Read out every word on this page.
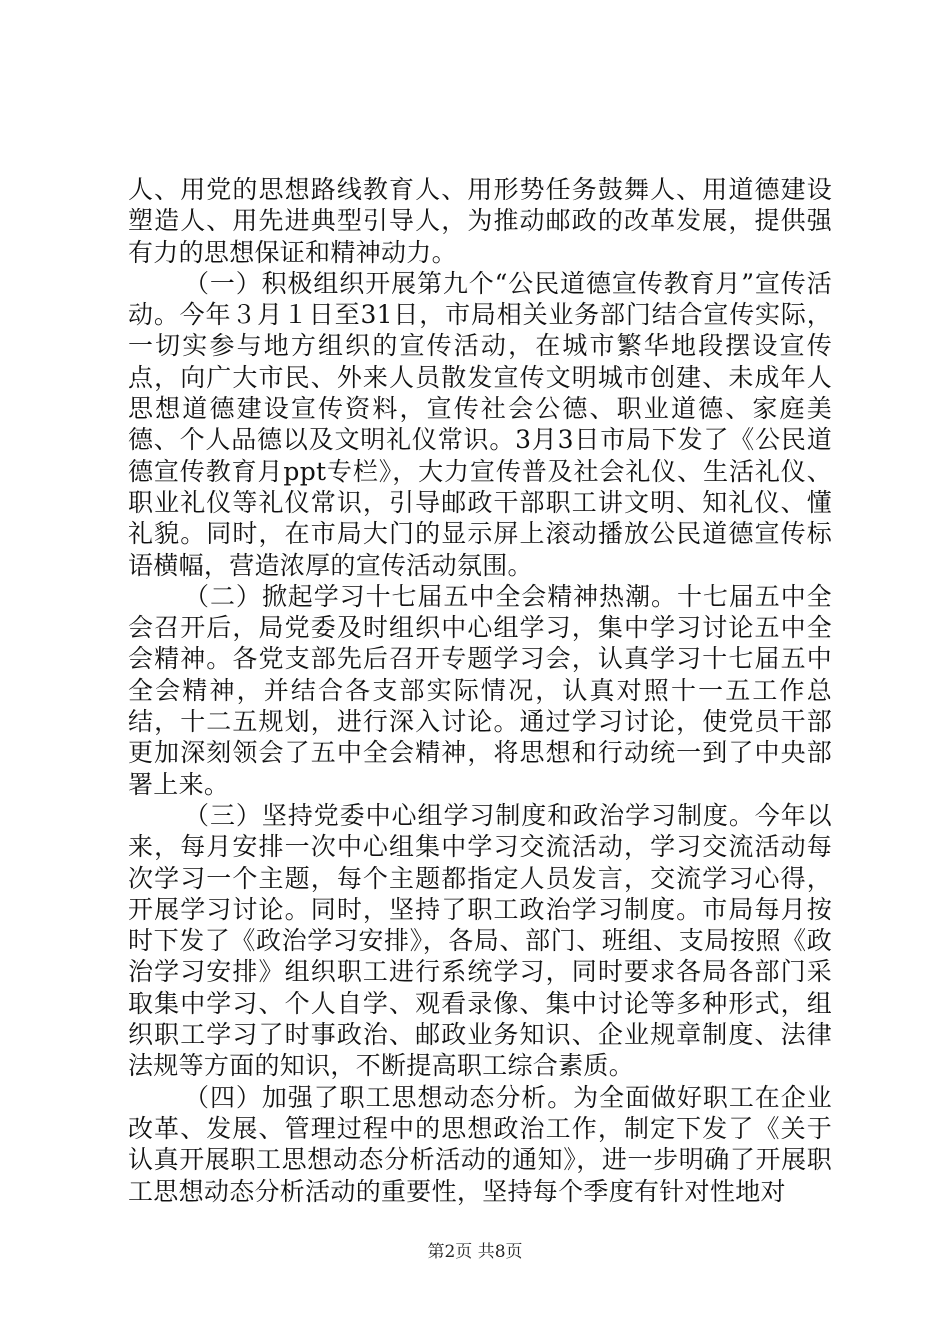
人、用党的思想路线教育人、用形势任务鼓舞人、用道德建设塑造人、用先进典型引导人，为推动邮政的改革发展，提供强有力的思想保证和精神动力。

（一）积极组织开展第九个“公民道德宣传教育月”宣传活动。今年３月１日至31日，市局相关业务部门结合宣传实际，一切实参与地方组织的宣传活动，在城市繁华地段摆设宣传点，向广大市民、外来人员散发宣传文明城市创建、未成年人思想道德建设宣传资料，宣传社会公德、职业道德、家庭美德、个人品德以及文明礼仪常识。3月3日市局下发了《公民道德宣传教育月ppt专栏》，大力宣传普及社会礼仪、生活礼仪、职业礼仪等礼仪常识，引导邮政干部职工讲文明、知礼仪、懂礼貌。同时，在市局大门的显示屏上滚动播放公民道德宣传标语横幅，营造浓厚的宣传活动氛围。

（二）掀起学习十七届五中全会精神热潮。十七届五中全会召开后，局党委及时组织中心组学习，集中学习讨论五中全会精神。各党支部先后召开专题学习会，认真学习十七届五中全会精神，并结合各支部实际情况，认真对照十一五工作总结，十二五规划，进行深入讨论。通过学习讨论，使党员干部更加深刻领会了五中全会精神，将思想和行动统一到了中央部署上来。

（三）坚持党委中心组学习制度和政治学习制度。今年以来，每月安排一次中心组集中学习交流活动，学习交流活动每次学习一个主题，每个主题都指定人员发言，交流学习心得，开展学习讨论。同时，坚持了职工政治学习制度。市局每月按时下发了《政治学习安排》，各局、部门、班组、支局按照《政治学习安排》组织职工进行系统学习，同时要求各局各部门采取集中学习、个人自学、观看录像、集中讨论等多种形式，组织职工学习了时事政治、邮政业务知识、企业规章制度、法律法规等方面的知识，不断提高职工综合素质。

（四）加强了职工思想动态分析。为全面做好职工在企业改革、发展、管理过程中的思想政治工作，制定下发了《关于认真开展职工思想动态分析活动的通知》，进一步明确了开展职工思想动态分析活动的重要性，坚持每个季度有针对性地对

第2页 共8页
